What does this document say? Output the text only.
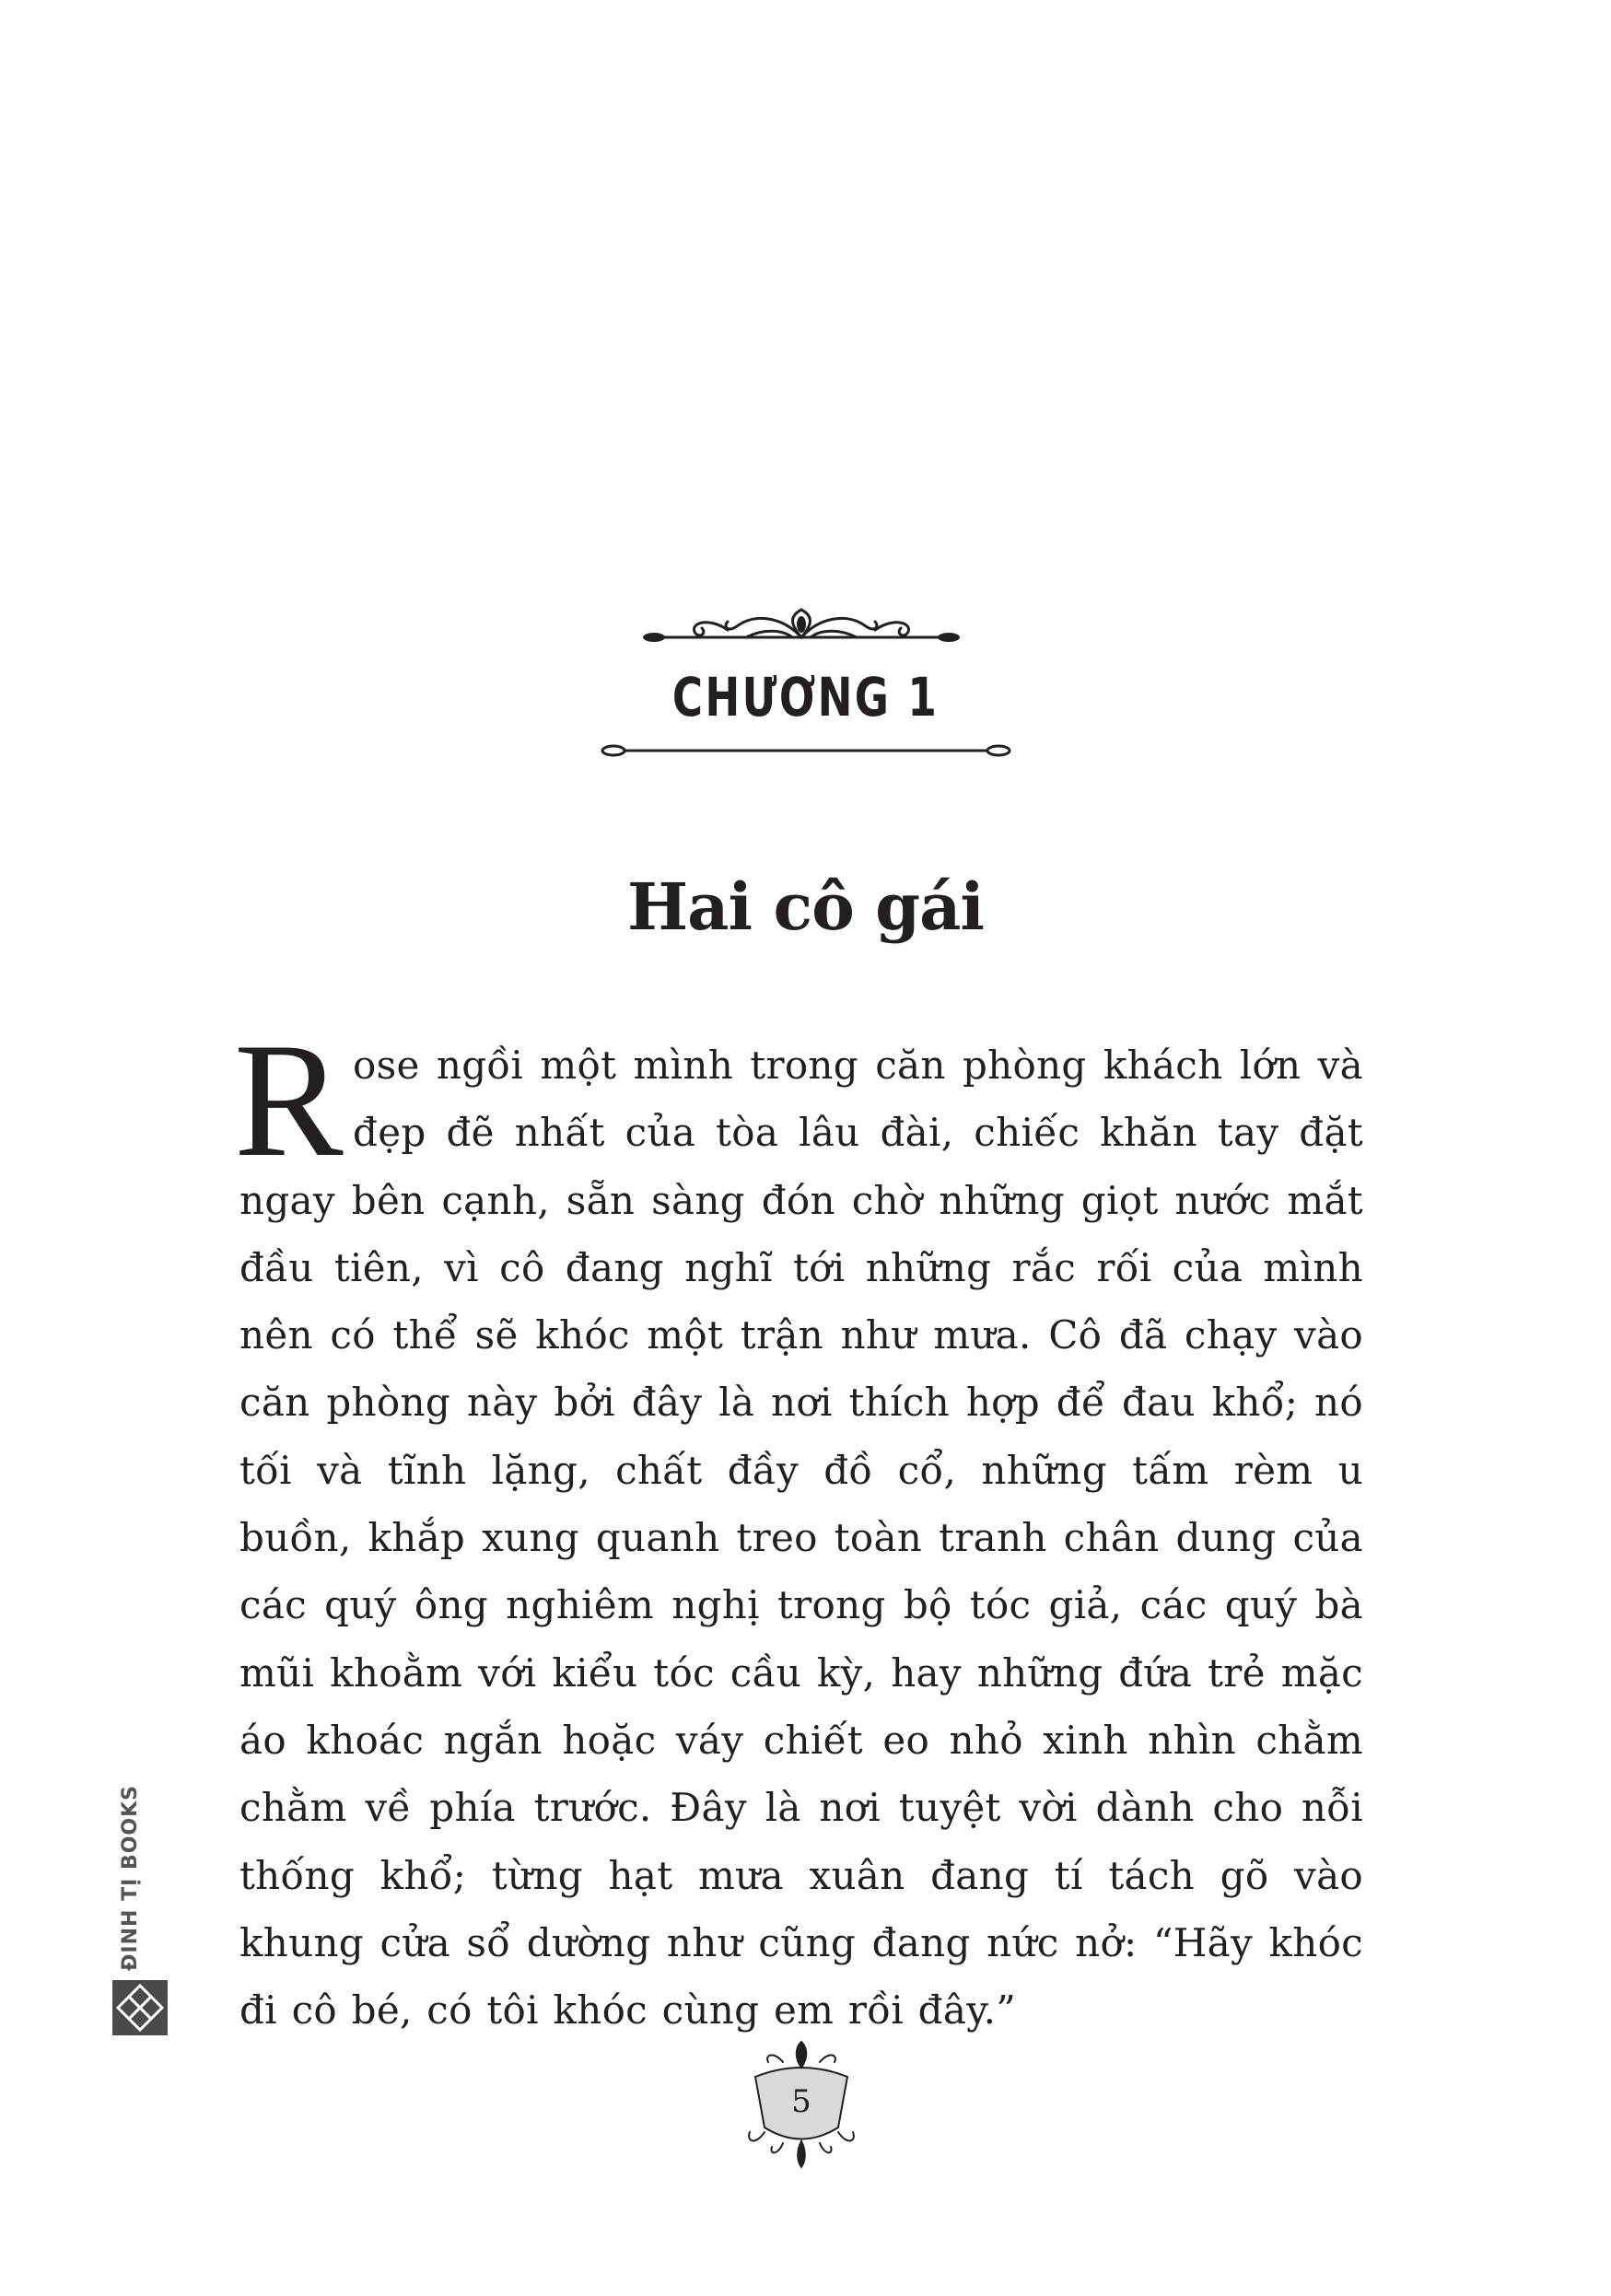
CHƯƠNG 1
Hai cô gái
Rose ngồi một mình trong căn phòng khách lớn và đẹp đẽ nhất của tòa lâu đài, chiếc khăn tay đặt ngay bên cạnh, sẵn sàng đón chờ những giọt nước mắt đầu tiên, vì cô đang nghĩ tới những rắc rối của mình nên có thể sẽ khóc một trận như mưa. Cô đã chạy vào căn phòng này bởi đây là nơi thích hợp để đau khổ; nó tối và tĩnh lặng, chất đầy đồ cổ, những tấm rèm u buồn, khắp xung quanh treo toàn tranh chân dung của các quý ông nghiêm nghị trong bộ tóc giả, các quý bà mũi khoằm với kiểu tóc cầu kỳ, hay những đứa trẻ mặc áo khoác ngắn hoặc váy chiết eo nhỏ xinh nhìn chằm chằm về phía trước. Đây là nơi tuyệt vời dành cho nỗi thống khổ; từng hạt mưa xuân đang tí tách gõ vào khung cửa sổ dường như cũng đang nức nở: “Hãy khóc đi cô bé, có tôi khóc cùng em rồi đây.”
ĐINH TỊ BOOKS
5
